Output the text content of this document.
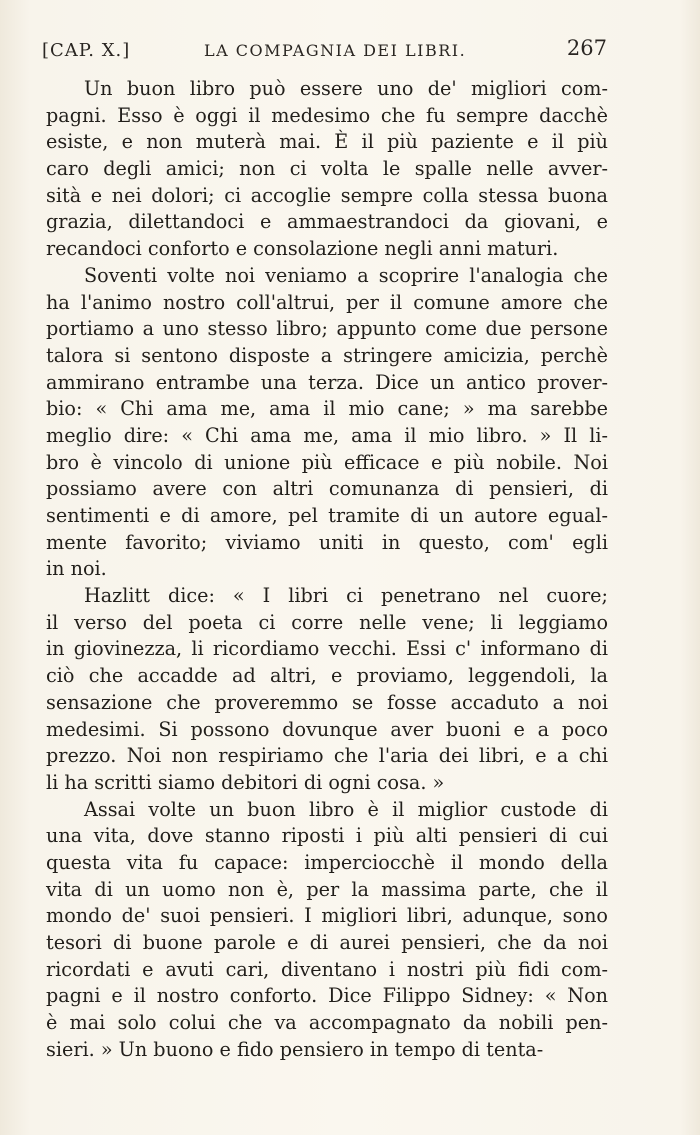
[CAP. X.]	LA COMPAGNIA DEI LIBRI.	267
Un buon libro può essere uno de' migliori com-
pagni. Esso è oggi il medesimo che fu sempre dacchè
esiste, e non muterà mai. È il più paziente e il più
caro degli amici; non ci volta le spalle nelle avver-
sità e nei dolori; ci accoglie sempre colla stessa buona
grazia, dilettandoci e ammaestrandoci da giovani, e
recandoci conforto e consolazione negli anni maturi.
Soventi volte noi veniamo a scoprire l'analogia che
ha l'animo nostro coll'altrui, per il comune amore che
portiamo a uno stesso libro; appunto come due persone
talora si sentono disposte a stringere amicizia, perchè
ammirano entrambe una terza. Dice un antico prover-
bio: « Chi ama me, ama il mio cane; » ma sarebbe
meglio dire: « Chi ama me, ama il mio libro. » Il li-
bro è vincolo di unione più efficace e più nobile. Noi
possiamo avere con altri comunanza di pensieri, di
sentimenti e di amore, pel tramite di un autore egual-
mente favorito; viviamo uniti in questo, com' egli
in noi.
Hazlitt dice: « I libri ci penetrano nel cuore;
il verso del poeta ci corre nelle vene; li leggiamo
in giovinezza, li ricordiamo vecchi. Essi c' informano di
ciò che accadde ad altri, e proviamo, leggendoli, la
sensazione che proveremmo se fosse accaduto a noi
medesimi. Si possono dovunque aver buoni e a poco
prezzo. Noi non respiriamo che l'aria dei libri, e a chi
li ha scritti siamo debitori di ogni cosa. »
Assai volte un buon libro è il miglior custode di
una vita, dove stanno riposti i più alti pensieri di cui
questa vita fu capace: imperciocchè il mondo della
vita di un uomo non è, per la massima parte, che il
mondo de' suoi pensieri. I migliori libri, adunque, sono
tesori di buone parole e di aurei pensieri, che da noi
ricordati e avuti cari, diventano i nostri più fidi com-
pagni e il nostro conforto. Dice Filippo Sidney: « Non
è mai solo colui che va accompagnato da nobili pen-
sieri. » Un buono e fido pensiero in tempo di tenta-
